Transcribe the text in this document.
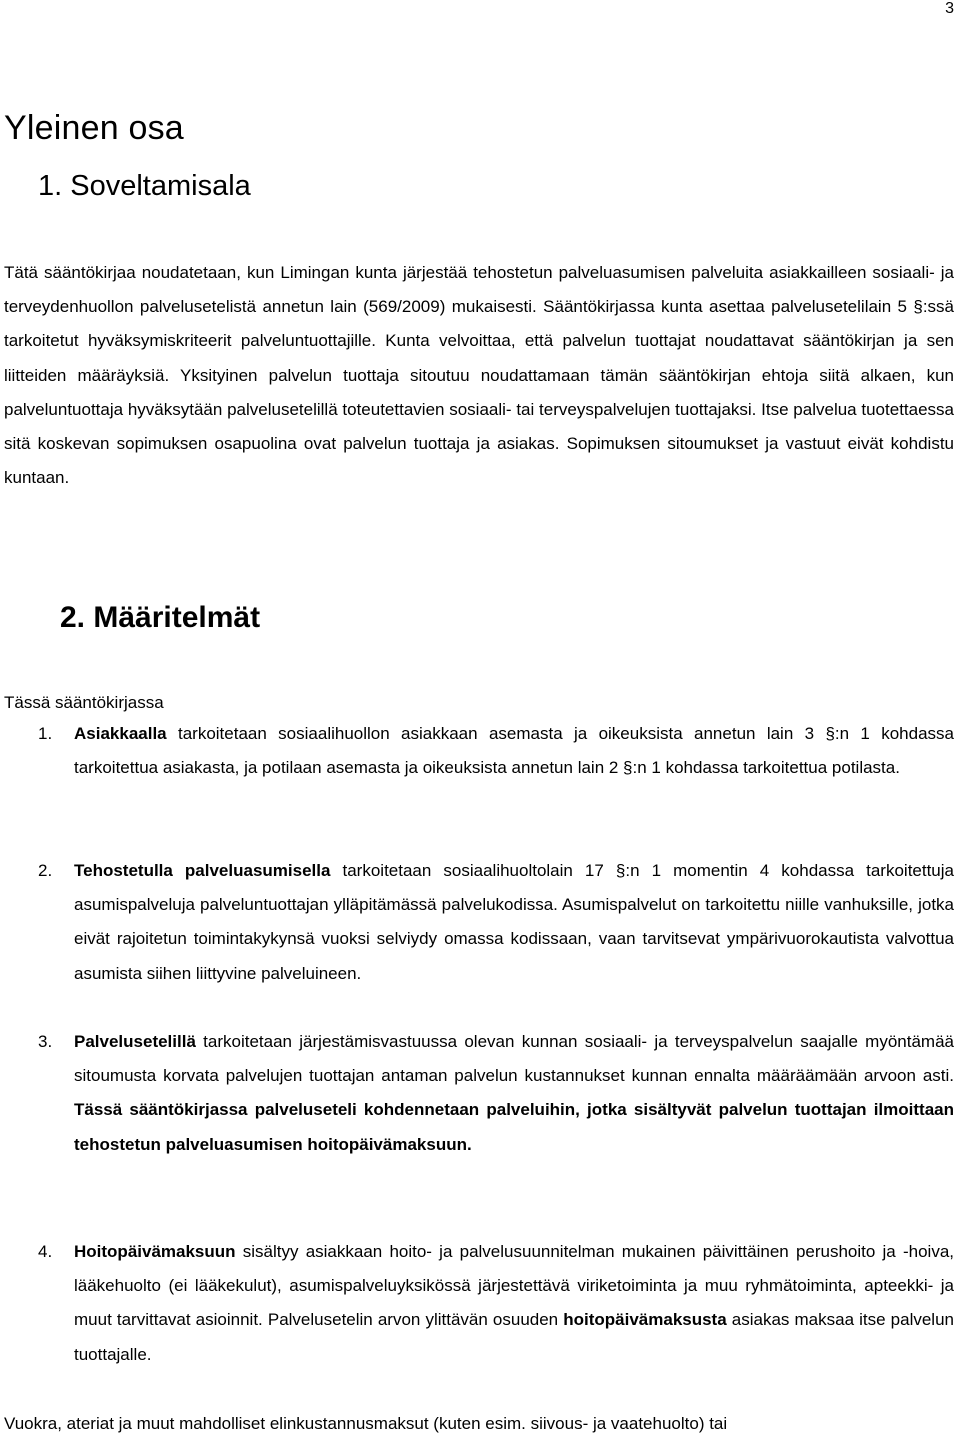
3
Yleinen osa
1. Soveltamisala

Tätä sääntökirjaa noudatetaan, kun Limingan kunta järjestää tehostetun palveluasumisen palveluita asiakkailleen sosiaali- ja terveydenhuollon palvelusetelistä annetun lain (569/2009) mukaisesti. Sääntökirjassa kunta asettaa palvelusetelilain 5 §:ssä tarkoitetut hyväksymiskriteerit palveluntuottajille. Kunta velvoittaa, että palvelun tuottajat noudattavat sääntökirjan ja sen liitteiden määräyksiä. Yksityinen palvelun tuottaja sitoutuu noudattamaan tämän sääntökirjan ehtoja siitä alkaen, kun palveluntuottaja hyväksytään palvelusetelillä toteutettavien sosiaali- tai terveyspalvelujen tuottajaksi. Itse palvelua tuotettaessa sitä koskevan sopimuksen osapuolina ovat palvelun tuottaja ja asiakas. Sopimuksen sitoumukset ja vastuut eivät kohdistu kuntaan.

2. Määritelmät

Tässä sääntökirjassa

1.	Asiakkaalla tarkoitetaan sosiaalihuollon asiakkaan asemasta ja oikeuksista annetun lain 3 §:n 1 kohdassa tarkoitettua asiakasta, ja potilaan asemasta ja oikeuksista annetun lain 2 §:n 1 kohdassa tarkoitettua potilasta.
2.	Tehostetulla palveluasumisella tarkoitetaan sosiaalihuoltolain 17 §:n 1 momentin 4 kohdassa tarkoitettuja asumispalveluja palveluntuottajan ylläpitämässä palvelukodissa. Asumispalvelut on tarkoitettu niille vanhuksille, jotka eivät rajoitetun toimintakykynsä vuoksi selviydy omassa kodissaan, vaan tarvitsevat ympärivuorokautista valvottua asumista siihen liittyvine palveluineen.
3.	Palvelusetelillä tarkoitetaan järjestämisvastuussa olevan kunnan sosiaali- ja terveyspalvelun saajalle myöntämää sitoumusta korvata palvelujen tuottajan antaman palvelun kustannukset kunnan ennalta määräämään arvoon asti. Tässä sääntökirjassa palveluseteli kohdennetaan palveluihin, jotka sisältyvät palvelun tuottajan ilmoittaan tehostetun palveluasumisen hoitopäivämaksuun.
4.	Hoitopäivämaksuun sisältyy asiakkaan hoito- ja palvelusuunnitelman mukainen päivittäinen perushoito ja -hoiva, lääkehuolto (ei lääkekulut), asumispalveluyksikössä järjestettävä viriketoiminta ja muu ryhmätoiminta, apteekki- ja muut tarvittavat asioinnit. Palvelusetelin arvon ylittävän osuuden hoitopäivämaksusta asiakas maksaa itse palvelun tuottajalle.

Vuokra, ateriat ja muut mahdolliset elinkustannusmaksut (kuten esim. siivous- ja vaatehuolto) tai
